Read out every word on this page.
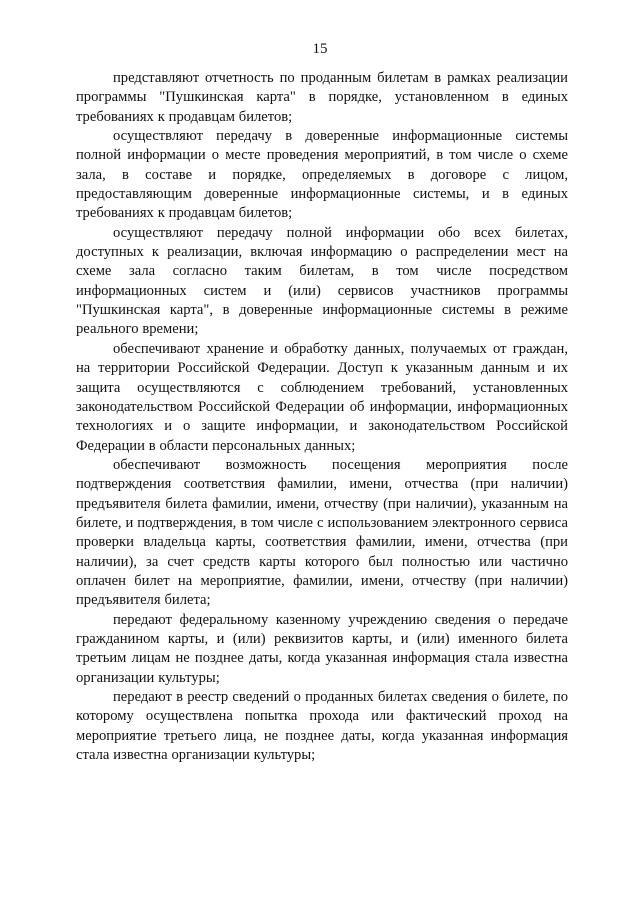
15

представляют отчетность по проданным билетам в рамках реализации программы "Пушкинская карта" в порядке, установленном в единых требованиях к продавцам билетов;

осуществляют передачу в доверенные информационные системы полной информации о месте проведения мероприятий, в том числе о схеме зала, в составе и порядке, определяемых в договоре с лицом, предоставляющим доверенные информационные системы, и в единых требованиях к продавцам билетов;

осуществляют передачу полной информации обо всех билетах, доступных к реализации, включая информацию о распределении мест на схеме зала согласно таким билетам, в том числе посредством информационных систем и (или) сервисов участников программы "Пушкинская карта", в доверенные информационные системы в режиме реального времени;

обеспечивают хранение и обработку данных, получаемых от граждан, на территории Российской Федерации. Доступ к указанным данным и их защита осуществляются с соблюдением требований, установленных законодательством Российской Федерации об информации, информационных технологиях и о защите информации, и законодательством Российской Федерации в области персональных данных;

обеспечивают возможность посещения мероприятия после подтверждения соответствия фамилии, имени, отчества (при наличии) предъявителя билета фамилии, имени, отчеству (при наличии), указанным на билете, и подтверждения, в том числе с использованием электронного сервиса проверки владельца карты, соответствия фамилии, имени, отчества (при наличии), за счет средств карты которого был полностью или частично оплачен билет на мероприятие, фамилии, имени, отчеству (при наличии) предъявителя билета;

передают федеральному казенному учреждению сведения о передаче гражданином карты, и (или) реквизитов карты, и (или) именного билета третьим лицам не позднее даты, когда указанная информация стала известна организации культуры;

передают в реестр сведений о проданных билетах сведения о билете, по которому осуществлена попытка прохода или фактический проход на мероприятие третьего лица, не позднее даты, когда указанная информация стала известна организации культуры;
